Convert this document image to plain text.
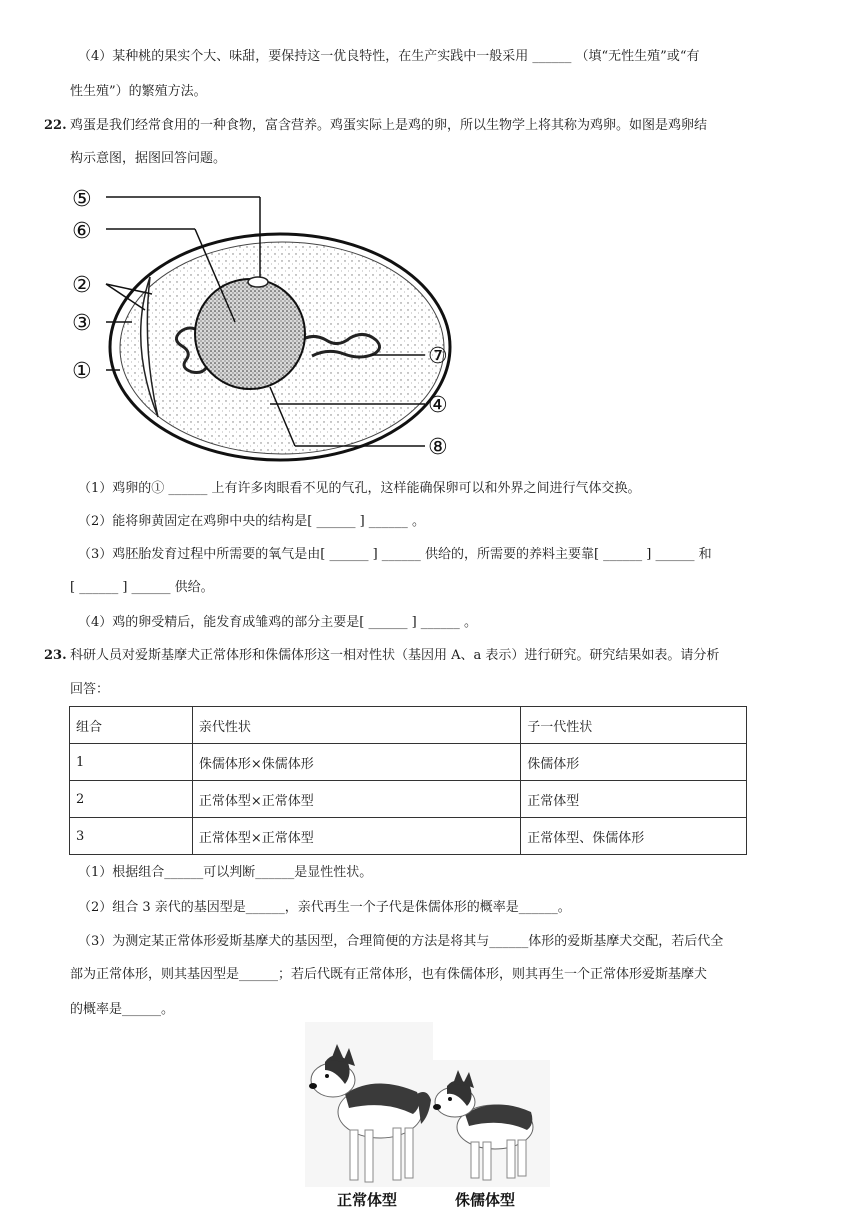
（4）某种桃的果实个大、味甜，要保持这一优良特性，在生产实践中一般采用 ______ （填“无性生殖”或“有
性生殖”）的繁殖方法。
22. 鸡蛋是我们经常食用的一种食物，富含营养。鸡蛋实际上是鸡的卵，所以生物学上将其称为鸡卵。如图是鸡卵结
构示意图，据图回答问题。
⑤
⑥
②
③
①
⑦
④
⑧
（1）鸡卵的① ______ 上有许多肉眼看不见的气孔，这样能确保卵可以和外界之间进行气体交换。
（2）能将卵黄固定在鸡卵中央的结构是[ ______ ] ______ 。
（3）鸡胚胎发育过程中所需要的氧气是由[ ______ ] ______ 供给的，所需要的养料主要靠[ ______ ] ______ 和
[ ______ ] ______ 供给。
（4）鸡的卵受精后，能发育成雏鸡的部分主要是[ ______ ] ______ 。
23. 科研人员对爱斯基摩犬正常体形和侏儒体形这一相对性状（基因用 A、a 表示）进行研究。研究结果如表。请分析
回答：
组合	亲代性状	子一代性状
1	侏儒体形×侏儒体形	侏儒体形
2	正常体型×正常体型	正常体型
3	正常体型×正常体型	正常体型、侏儒体形
（1）根据组合______可以判断______是显性性状。
（2）组合 3 亲代的基因型是______，亲代再生一个子代是侏儒体形的概率是______。
（3）为测定某正常体形爱斯基摩犬的基因型，合理简便的方法是将其与______体形的爱斯基摩犬交配，若后代全
部为正常体形，则其基因型是______；若后代既有正常体形，也有侏儒体形，则其再生一个正常体形爱斯基摩犬
的概率是______。
正常体型	侏儒体型
